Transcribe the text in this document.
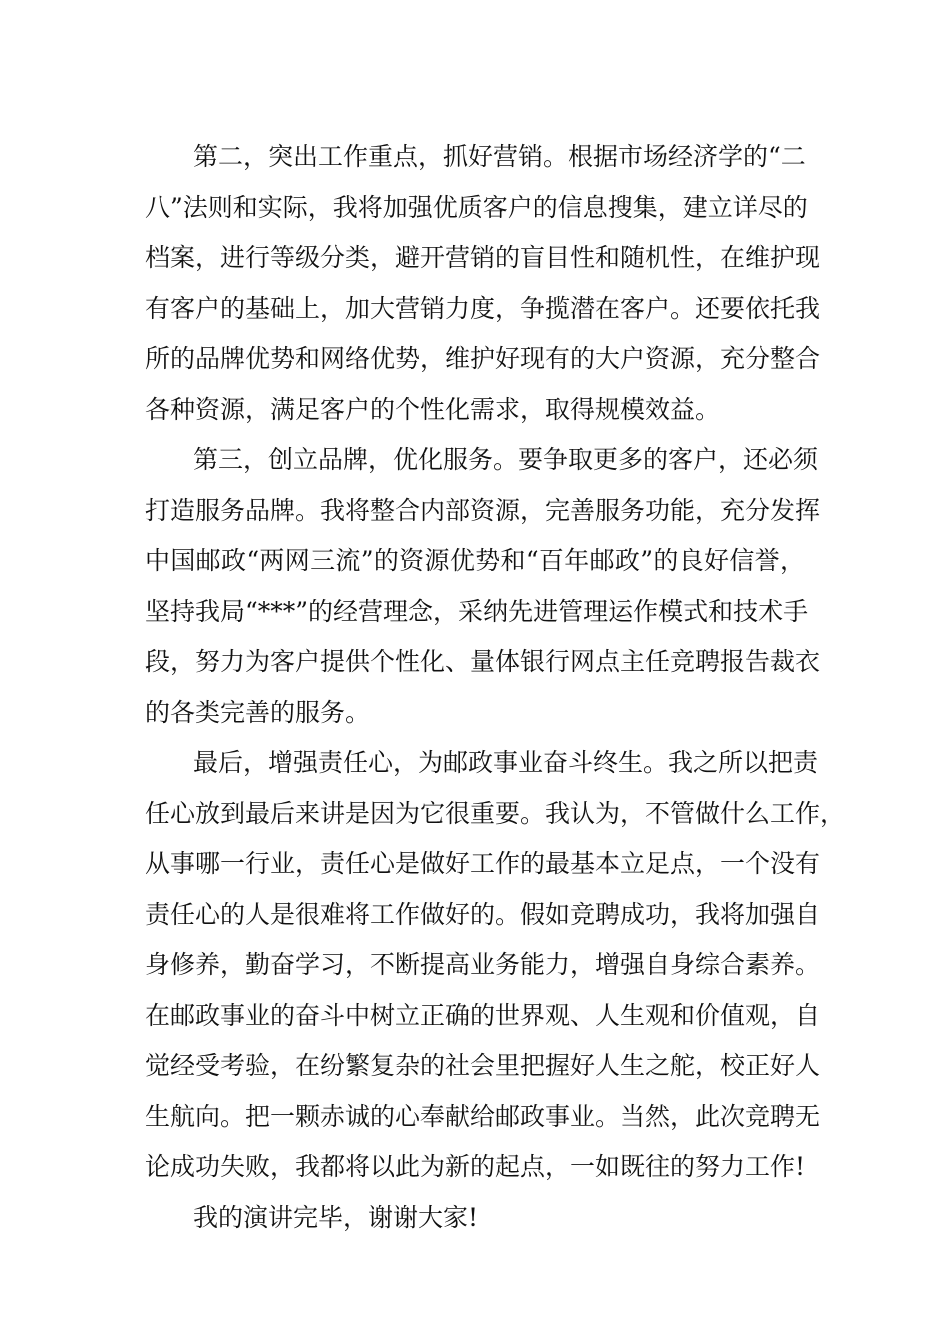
第二，突出工作重点，抓好营销。根据市场经济学的“二
八”法则和实际，我将加强优质客户的信息搜集，建立详尽的
档案，进行等级分类，避开营销的盲目性和随机性，在维护现
有客户的基础上，加大营销力度，争揽潜在客户。还要依托我
所的品牌优势和网络优势，维护好现有的大户资源，充分整合
各种资源，满足客户的个性化需求，取得规模效益。
第三，创立品牌，优化服务。要争取更多的客户，还必须
打造服务品牌。我将整合内部资源，完善服务功能，充分发挥
中国邮政“两网三流”的资源优势和“百年邮政”的良好信誉，
坚持我局“***”的经营理念，采纳先进管理运作模式和技术手
段，努力为客户提供个性化、量体银行网点主任竞聘报告裁衣
的各类完善的服务。
最后，增强责任心，为邮政事业奋斗终生。我之所以把责
任心放到最后来讲是因为它很重要。我认为，不管做什么工作，
从事哪一行业，责任心是做好工作的最基本立足点，一个没有
责任心的人是很难将工作做好的。假如竞聘成功，我将加强自
身修养，勤奋学习，不断提高业务能力，增强自身综合素养。
在邮政事业的奋斗中树立正确的世界观、人生观和价值观，自
觉经受考验，在纷繁复杂的社会里把握好人生之舵，校正好人
生航向。把一颗赤诚的心奉献给邮政事业。当然，此次竞聘无
论成功失败，我都将以此为新的起点，一如既往的努力工作!
我的演讲完毕，谢谢大家!
